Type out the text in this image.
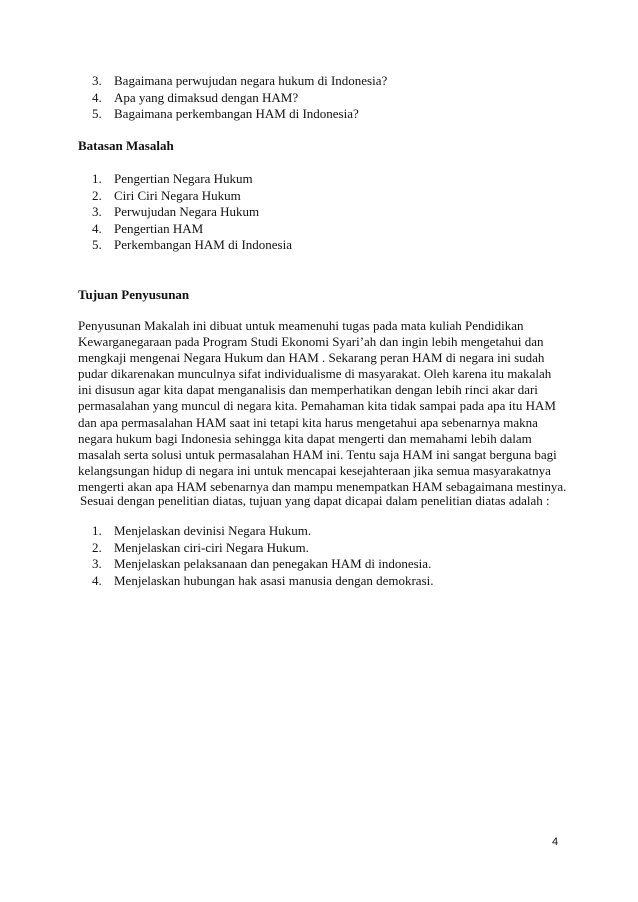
3. Bagaimana perwujudan negara hukum di Indonesia?
4. Apa yang dimaksud dengan HAM?
5. Bagaimana perkembangan HAM di Indonesia?
Batasan Masalah
1. Pengertian Negara Hukum
2. Ciri Ciri Negara Hukum
3. Perwujudan Negara Hukum
4. Pengertian HAM
5. Perkembangan HAM di Indonesia
Tujuan Penyusunan
Penyusunan Makalah ini dibuat untuk meamenuhi tugas pada mata kuliah Pendidikan
Kewarganegaraan pada Program Studi Ekonomi Syari’ah dan ingin lebih mengetahui dan
mengkaji mengenai Negara Hukum dan HAM . Sekarang peran HAM di negara ini sudah
pudar dikarenakan munculnya sifat individualisme di masyarakat. Oleh karena itu makalah
ini disusun agar kita dapat menganalisis dan memperhatikan dengan lebih rinci akar dari
permasalahan yang muncul di negara kita. Pemahaman kita tidak sampai pada apa itu HAM
dan apa permasalahan HAM saat ini tetapi kita harus mengetahui apa sebenarnya makna
negara hukum bagi Indonesia sehingga kita dapat mengerti dan memahami lebih dalam
masalah serta solusi untuk permasalahan HAM ini. Tentu saja HAM ini sangat berguna bagi
kelangsungan hidup di negara ini untuk mencapai kesejahteraan jika semua masyarakatnya
mengerti akan apa HAM sebenarnya dan mampu menempatkan HAM sebagaimana mestinya.
Sesuai dengan penelitian diatas, tujuan yang dapat dicapai dalam penelitian diatas adalah :
1. Menjelaskan devinisi Negara Hukum.
2. Menjelaskan ciri-ciri Negara Hukum.
3. Menjelaskan pelaksanaan dan penegakan HAM di indonesia.
4. Menjelaskan hubungan hak asasi manusia dengan demokrasi.
4
